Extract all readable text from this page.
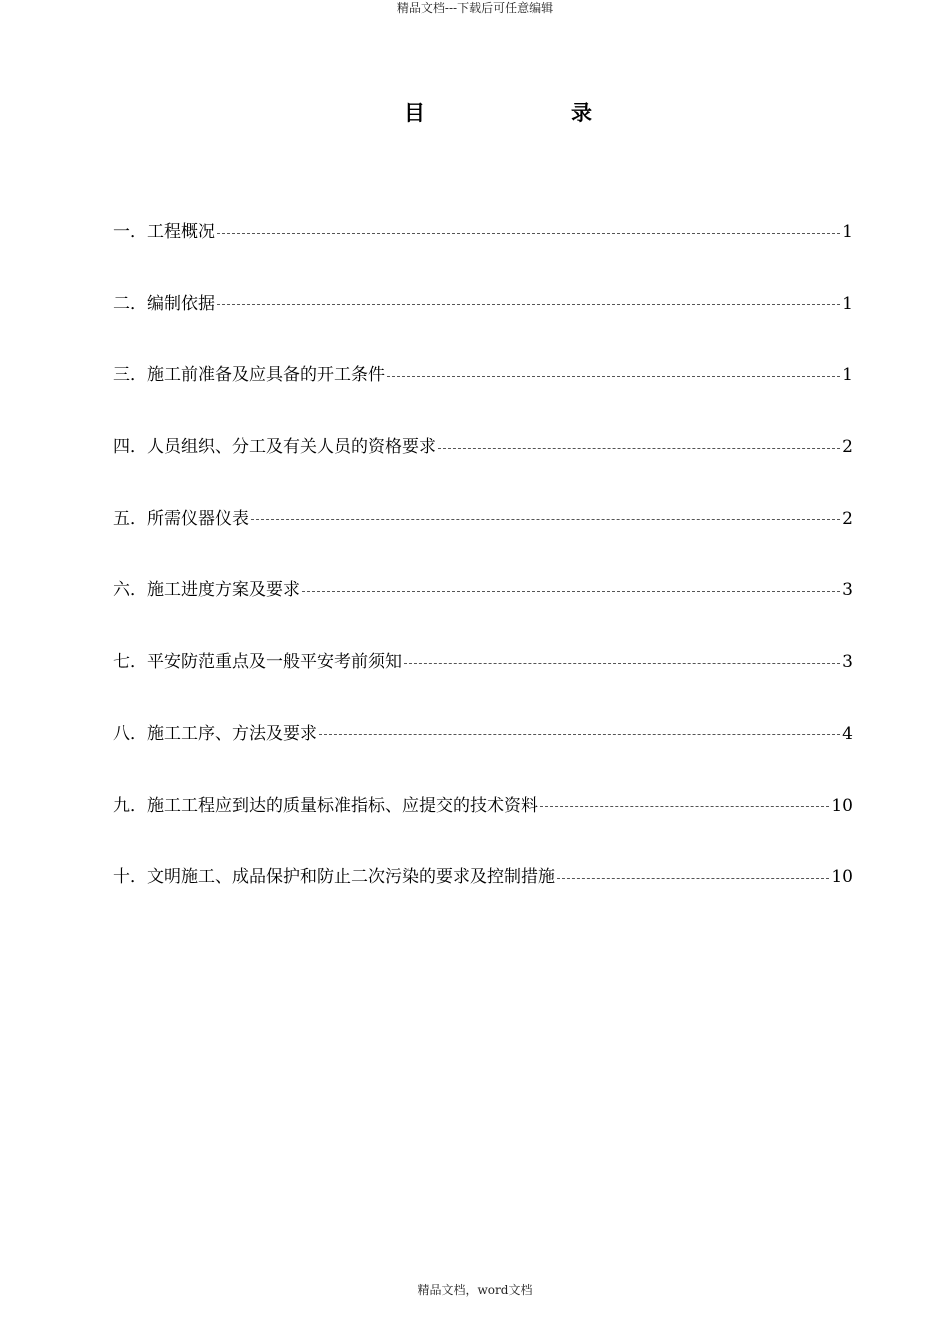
精品文档---下载后可任意编辑
目	录
一． 工程概况	1
二． 编制依据	1
三． 施工前准备及应具备的开工条件	1
四． 人员组织、分工及有关人员的资格要求	2
五． 所需仪器仪表	2
六． 施工进度方案及要求	3
七． 平安防范重点及一般平安考前须知	3
八． 施工工序、方法及要求	4
九． 施工工程应到达的质量标准指标、应提交的技术资料	10
十． 文明施工、成品保护和防止二次污染的要求及控制措施	10
精品文档，word文档
